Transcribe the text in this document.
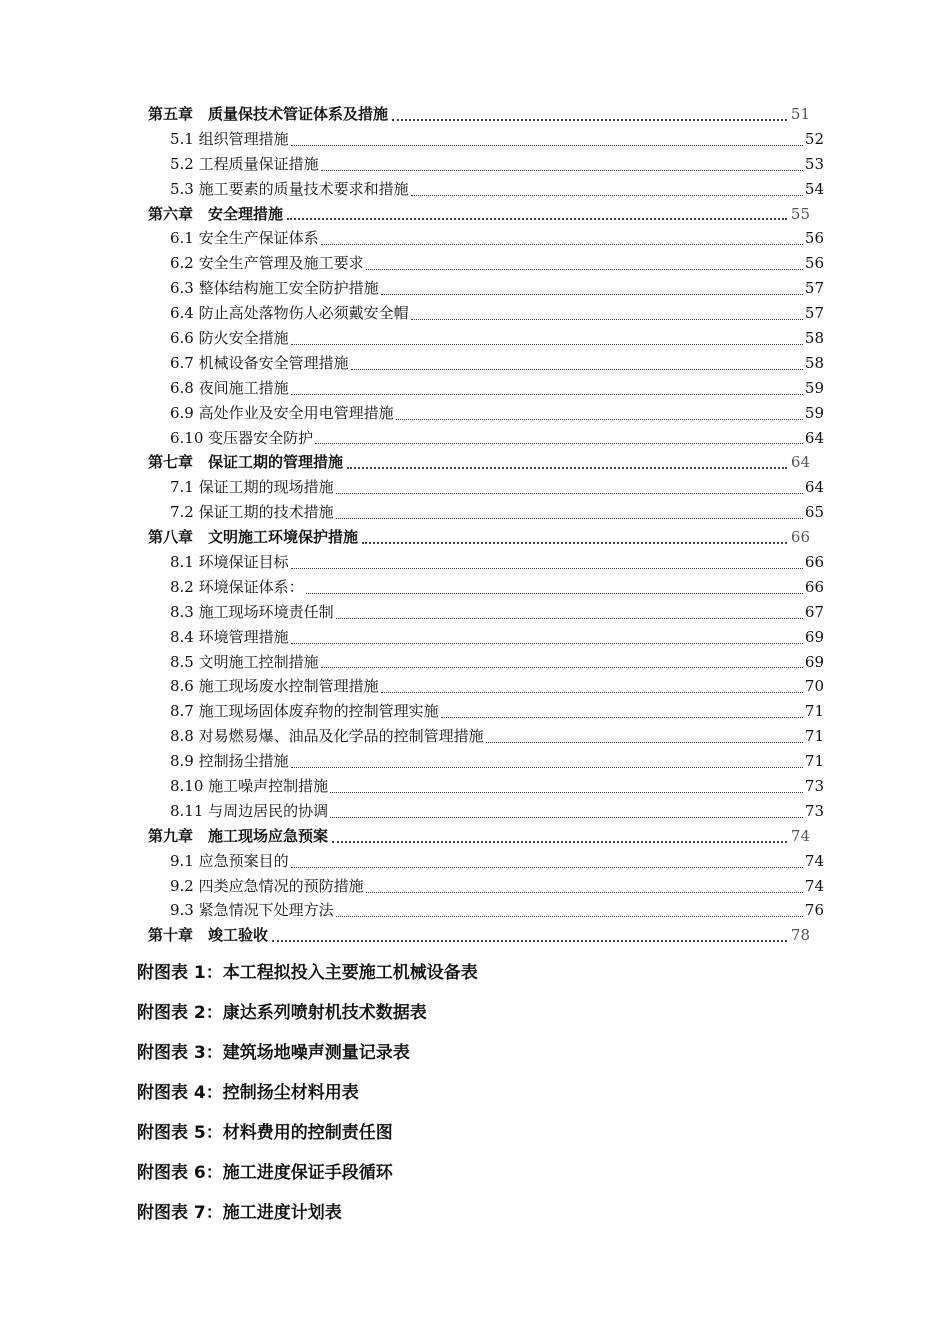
第五章　质量保技术管证体系及措施	51
5.1 组织管理措施	52
5.2 工程质量保证措施	53
5.3 施工要素的质量技术要求和措施	54
第六章　安全理措施	55
6.1 安全生产保证体系	56
6.2 安全生产管理及施工要求	56
6.3 整体结构施工安全防护措施	57
6.4 防止高处落物伤人必须戴安全帽	57
6.6 防火安全措施	58
6.7 机械设备安全管理措施	58
6.8 夜间施工措施	59
6.9 高处作业及安全用电管理措施	59
6.10 变压器安全防护	64
第七章　保证工期的管理措施	64
7.1 保证工期的现场措施	64
7.2 保证工期的技术措施	65
第八章　文明施工环境保护措施	66
8.1 环境保证目标	66
8.2 环境保证体系：	66
8.3 施工现场环境责任制	67
8.4 环境管理措施	69
8.5 文明施工控制措施	69
8.6 施工现场废水控制管理措施	70
8.7 施工现场固体废弃物的控制管理实施	71
8.8 对易燃易爆、油品及化学品的控制管理措施	71
8.9 控制扬尘措施	71
8.10 施工噪声控制措施	73
8.11 与周边居民的协调	73
第九章　施工现场应急预案	74
9.1 应急预案目的	74
9.2 四类应急情况的预防措施	74
9.3 紧急情况下处理方法	76
第十章　竣工验收	78
附图表 1：本工程拟投入主要施工机械设备表
附图表 2：康达系列喷射机技术数据表
附图表 3：建筑场地噪声测量记录表
附图表 4：控制扬尘材料用表
附图表 5：材料费用的控制责任图
附图表 6：施工进度保证手段循环
附图表 7：施工进度计划表
